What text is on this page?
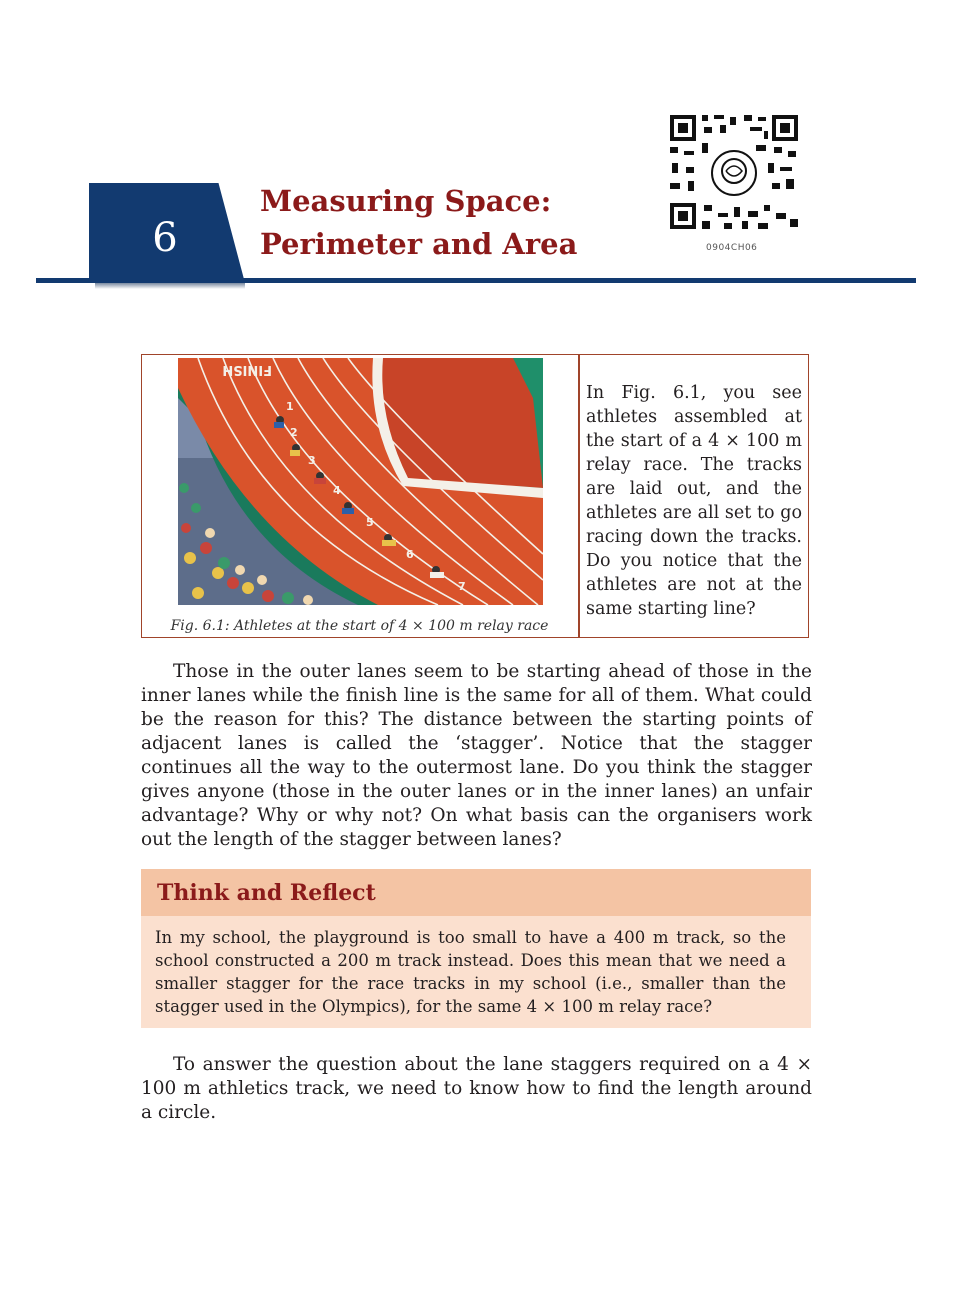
6
Measuring Space:
Perimeter and Area	0904CH06
FINISH
1
2
3
4
5
6
7
Fig. 6.1: Athletes at the start of 4 × 100 m relay race
In Fig. 6.1, you see athletes assembled at the start of a 4 × 100 m relay race. The tracks are laid out, and the athletes are all set to go racing down the tracks. Do you notice that the athletes are not at the same starting line?
Those in the outer lanes seem to be starting ahead of those in the inner lanes while the finish line is the same for all of them. What could be the reason for this? The distance between the starting points of adjacent lanes is called the ‘stagger’. Notice that the stagger continues all the way to the outermost lane. Do you think the stagger gives anyone (those in the outer lanes or in the inner lanes) an unfair advantage? Why or why not? On what basis can the organisers work out the length of the stagger between lanes?
Think and Reflect
In my school, the playground is too small to have a 400 m track, so the school constructed a 200 m track instead. Does this mean that we need a smaller stagger for the race tracks in my school (i.e., smaller than the stagger used in the Olympics), for the same 4 × 100 m relay race?
To answer the question about the lane staggers required on a 4 × 100 m athletics track, we need to know how to find the length around a circle.
